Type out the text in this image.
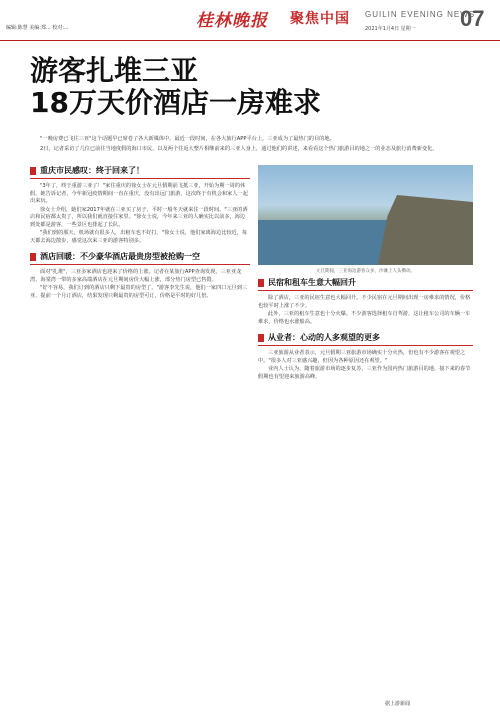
编辑:陈慧 美编:郑... 校对:...	桂林晚报 聚焦中国 GUILIN EVENING NEWS
2021年1月4日 星期一 07
游客扎堆三亚
18万天价酒店一房难求

"一晚房费已飞往三亚"这个话题早已席卷了各大新媒体中。最近一段时间，在各大旅行APP平台上，三亚成为了最热门的目的地。

2日，记者采访了几位已前往当地度假的海口市民，以及两个往返大整片相继前来的三亚人身上，通过他们的讲述，来看看这个热门旅游目的地之一的业态及旅行消费新变化。

重庆市民感叹：终于回来了！

"3年了，终于重游三亚了！"家住重庆的徐女士在元旦假期前飞抵三亚，开始为期一周的休假。她告诉记者，今年新冠疫情期间一直在重庆，没有出远门旅游，这次终于有机会和家人一起出来玩。

徐女士介绍，她们家2017年就在三亚买了房子，平时一般冬天就来住一段时间。"三亚的酒店和民宿都太贵了，所以我们就直接住家里。"徐女士说，今年来三亚的人确实比以前多，海边到处都是游客，一些景区也排起了长队。

"我们到的那天，机场就有很多人，出租车也不好打。"徐女士说，他们家离海边比较近，每天都去海边散步，感觉这次来三亚的游客特别多。

酒店回暖：不少豪华酒店最贵房型被抢购一空

面对"扎堆"，三亚多家酒店也迎来了价格的上涨。记者在某旅行APP查询发现，三亚亚龙湾、海棠湾一带的多家高端酒店在元旦期间房价大幅上涨，部分热门房型已售罄。

"好不容易，我们订到的酒店只剩下最贵的房型了。"游客李先生说，他们一家四口元旦到三亚，提前一个月订酒店，结果发现只剩最贵的房型可订，价格是平时的好几倍。

元旦期间，三亚海边游客众多，沙滩上人头攒动。
民宿和租车生意大幅回升

除了酒店，三亚的民宿生意也大幅回升。不少民宿在元旦期间出现一房难求的情况，价格也较平时上涨了不少。

此外，三亚的租车生意也十分火爆。不少游客选择租车自驾游，这让租车公司的车辆一车难求，价格也水涨船高。

从业者：心动的人多观望的更多

三亚旅游从业者表示，元旦假期三亚旅游市场确实十分火热，但也有不少游客在观望之中。"很多人对三亚感兴趣，但因为各种原因还在观望。"

业内人士认为，随着旅游市场的逐步复苏，三亚作为国内热门旅游目的地，接下来的春节假期也有望迎来旅游高峰。

据上游新闻
